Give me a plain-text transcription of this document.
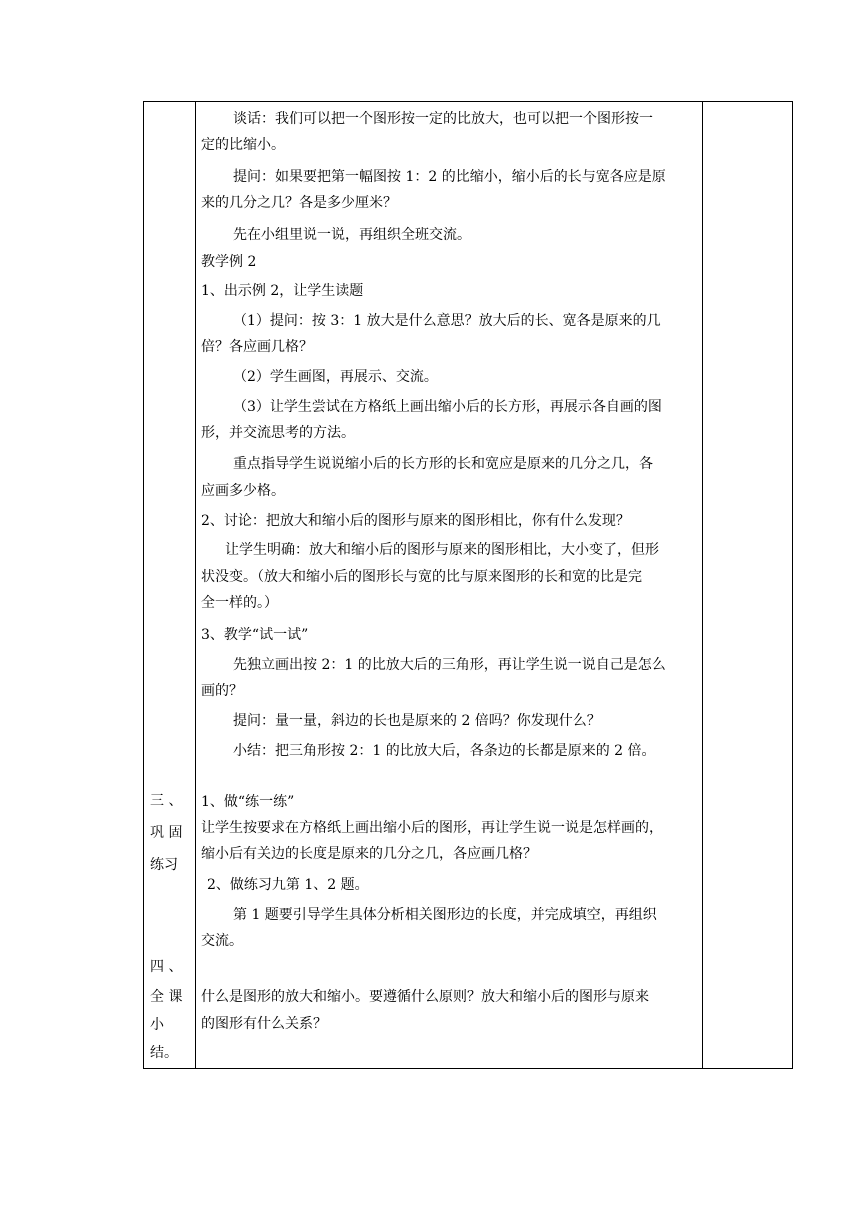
三 、
巩 固
练习
四 、
全 课
小
结。
谈话：我们可以把一个图形按一定的比放大，也可以把一个图形按一
定的比缩小。
提问：如果要把第一幅图按 1：2 的比缩小，缩小后的长与宽各应是原
来的几分之几？各是多少厘米？
先在小组里说一说，再组织全班交流。
教学例 2
1、出示例 2，让学生读题
（1）提问：按 3：1 放大是什么意思？放大后的长、宽各是原来的几
倍？各应画几格？
（2）学生画图，再展示、交流。
（3）让学生尝试在方格纸上画出缩小后的长方形，再展示各自画的图
形，并交流思考的方法。
重点指导学生说说缩小后的长方形的长和宽应是原来的几分之几，各
应画多少格。
2、讨论：把放大和缩小后的图形与原来的图形相比，你有什么发现？
让学生明确：放大和缩小后的图形与原来的图形相比，大小变了，但形
状没变。（放大和缩小后的图形长与宽的比与原来图形的长和宽的比是完
全一样的。）
3、教学“试一试”
先独立画出按 2：1 的比放大后的三角形，再让学生说一说自己是怎么
画的？
提问：量一量，斜边的长也是原来的 2 倍吗？你发现什么？
小结：把三角形按 2：1 的比放大后，各条边的长都是原来的 2 倍。
1、做“练一练”
让学生按要求在方格纸上画出缩小后的图形，再让学生说一说是怎样画的，
缩小后有关边的长度是原来的几分之几，各应画几格？
2、做练习九第 1、2 题。
第 1 题要引导学生具体分析相关图形边的长度，并完成填空，再组织
交流。
什么是图形的放大和缩小。要遵循什么原则？放大和缩小后的图形与原来
的图形有什么关系？
